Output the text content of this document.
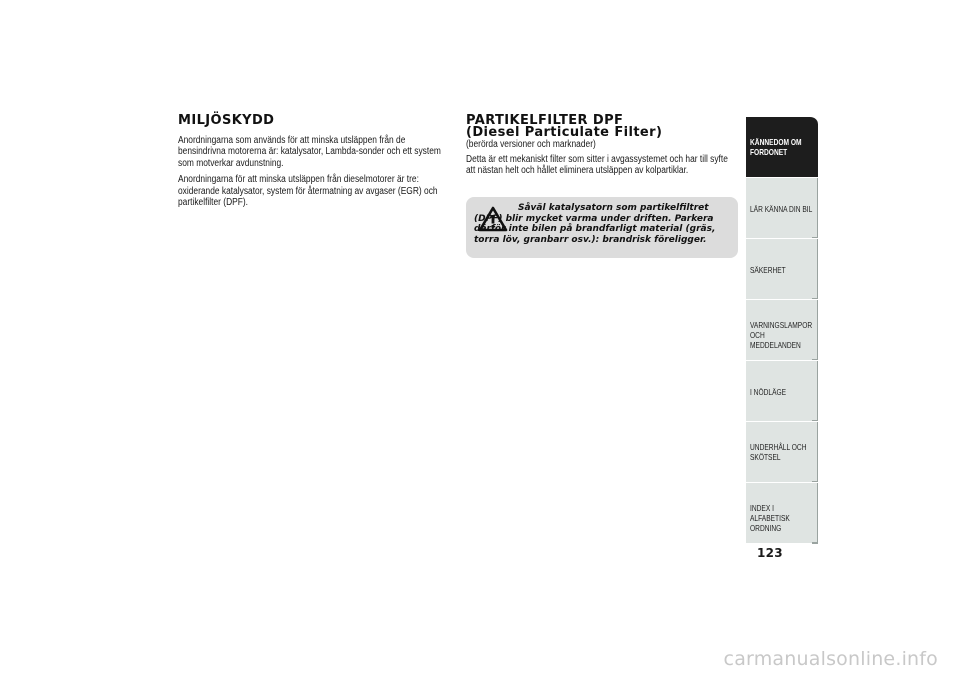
MILJÖSKYDD

Anordningarna som används för att minska utsläppen från de bensindrivna motorerna är: katalysator, Lambda-sonder och ett system som motverkar avdunstning.

Anordningarna för att minska utsläppen från dieselmotorer är tre: oxiderande katalysator, system för återmatning av avgaser (EGR) och partikelfilter (DPF).

PARTIKELFILTER DPF
(Diesel Particulate Filter)

(berörda versioner och marknader)

Detta är ett mekaniskt filter som sitter i avgassystemet och har till syfte att nästan helt och hållet eliminera utsläppen av kolpartiklar.

Såväl katalysatorn som partikelfiltret (DPF) blir mycket varma under driften. Parkera därför inte bilen på brandfarligt material (gräs, torra löv, granbarr osv.): brandrisk föreligger.
KÄNNEDOM OM
FORDONET
LÄR KÄNNA DIN BIL
SÄKERHET
VARNINGSLAMPOR
OCH MEDDELANDEN
I NÖDLÄGE
UNDERHÅLL OCH
SKÖTSEL
INDEX I ALFABETISK
ORDNING
123
carmanualsonline.info
